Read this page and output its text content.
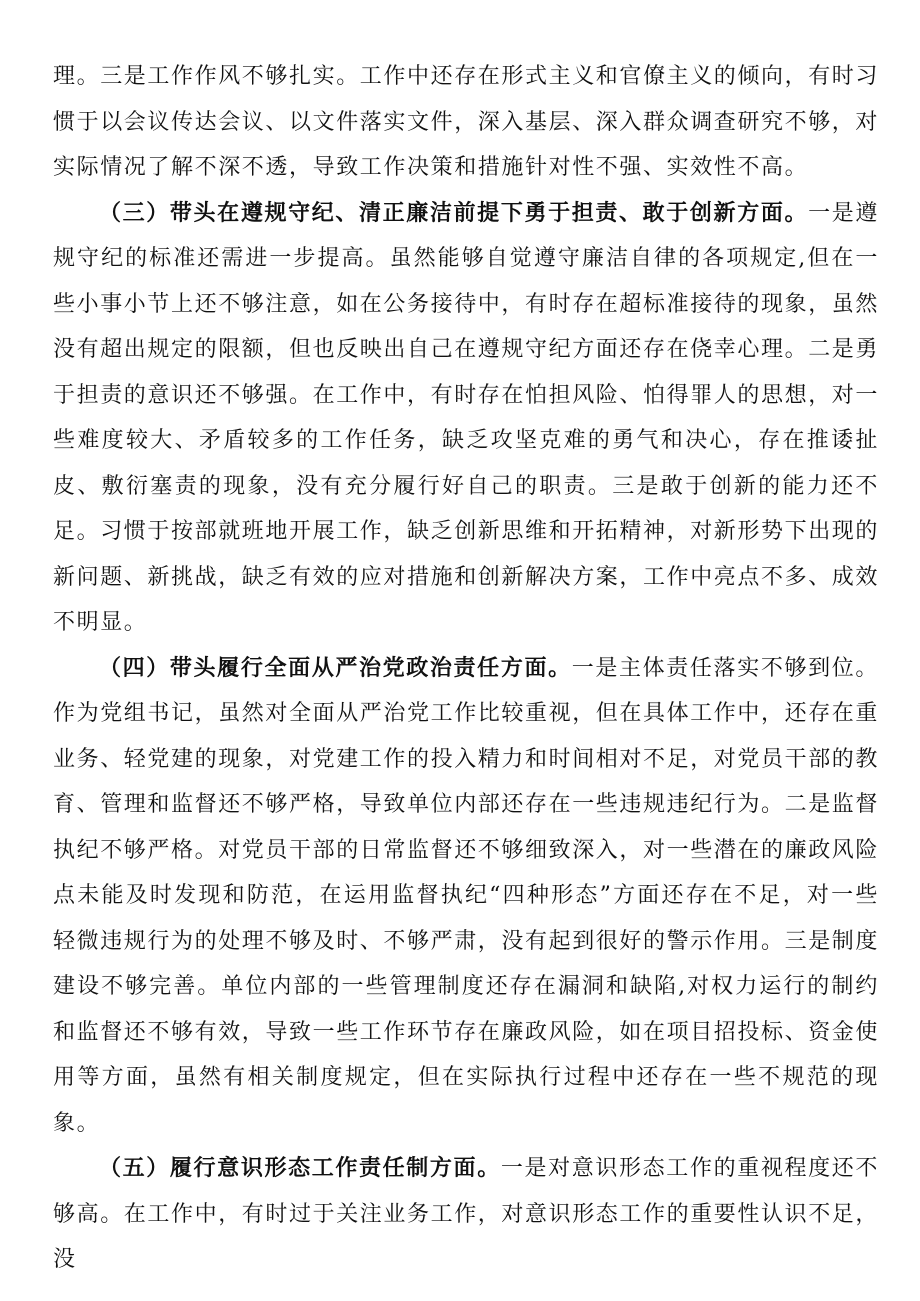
理。三是工作作风不够扎实。工作中还存在形式主义和官僚主义的倾向，有时习惯于以会议传达会议、以文件落实文件，深入基层、深入群众调查研究不够，对实际情况了解不深不透，导致工作决策和措施针对性不强、实效性不高。

（三）带头在遵规守纪、清正廉洁前提下勇于担责、敢于创新方面。一是遵规守纪的标准还需进一步提高。虽然能够自觉遵守廉洁自律的各项规定,但在一些小事小节上还不够注意，如在公务接待中，有时存在超标准接待的现象，虽然没有超出规定的限额，但也反映出自己在遵规守纪方面还存在侥幸心理。二是勇于担责的意识还不够强。在工作中，有时存在怕担风险、怕得罪人的思想，对一些难度较大、矛盾较多的工作任务，缺乏攻坚克难的勇气和决心，存在推诿扯皮、敷衍塞责的现象，没有充分履行好自己的职责。三是敢于创新的能力还不足。习惯于按部就班地开展工作，缺乏创新思维和开拓精神，对新形势下出现的新问题、新挑战，缺乏有效的应对措施和创新解决方案，工作中亮点不多、成效不明显。

（四）带头履行全面从严治党政治责任方面。一是主体责任落实不够到位。作为党组书记，虽然对全面从严治党工作比较重视，但在具体工作中，还存在重业务、轻党建的现象，对党建工作的投入精力和时间相对不足，对党员干部的教育、管理和监督还不够严格，导致单位内部还存在一些违规违纪行为。二是监督执纪不够严格。对党员干部的日常监督还不够细致深入，对一些潜在的廉政风险点未能及时发现和防范，在运用监督执纪“四种形态”方面还存在不足，对一些轻微违规行为的处理不够及时、不够严肃，没有起到很好的警示作用。三是制度建设不够完善。单位内部的一些管理制度还存在漏洞和缺陷,对权力运行的制约和监督还不够有效，导致一些工作环节存在廉政风险，如在项目招投标、资金使用等方面，虽然有相关制度规定，但在实际执行过程中还存在一些不规范的现象。

（五）履行意识形态工作责任制方面。一是对意识形态工作的重视程度还不够高。在工作中，有时过于关注业务工作，对意识形态工作的重要性认识不足，没
